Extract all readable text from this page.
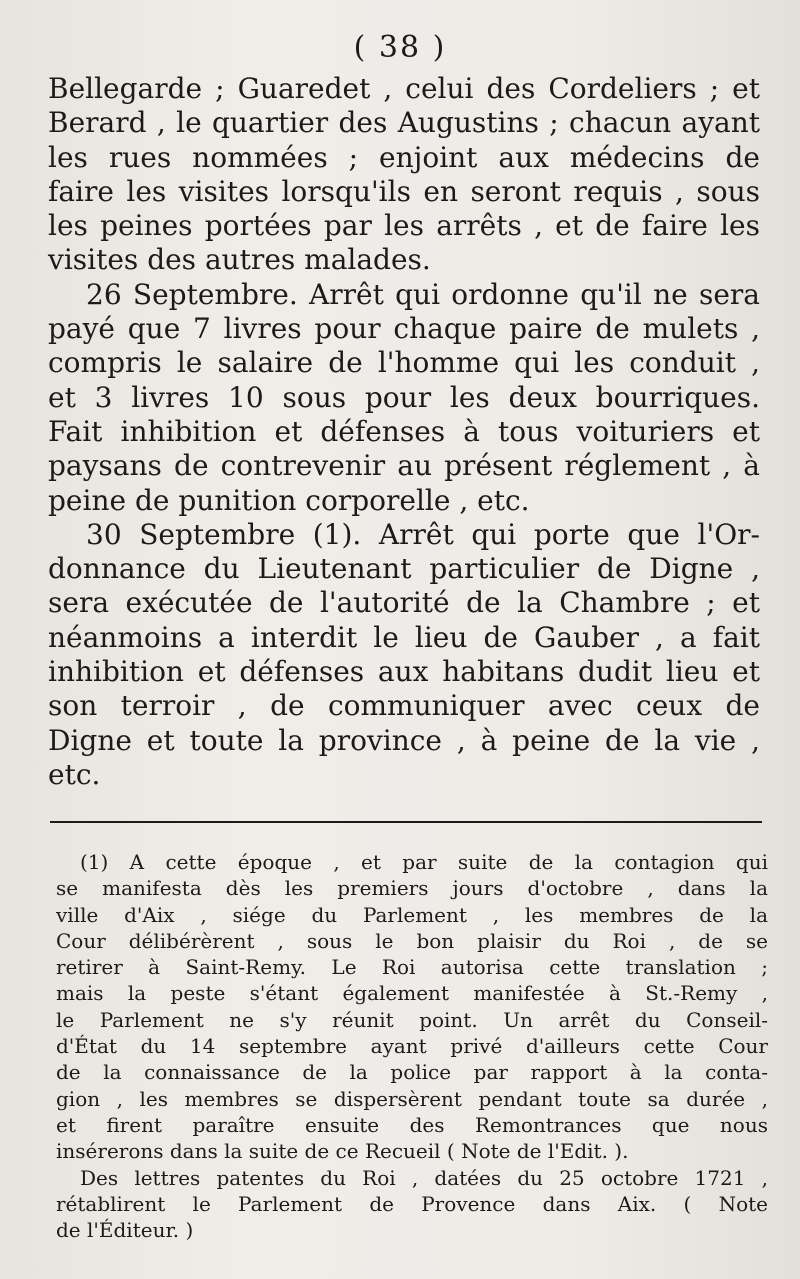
( 38 )
Bellegarde ; Guaredet , celui des Cordeliers ; et
Berard , le quartier des Augustins ; chacun ayant
les rues nommées ; enjoint aux médecins de
faire les visites lorsqu'ils en seront requis , sous
les peines portées par les arrêts , et de faire les
visites des autres malades.
26 Septembre. Arrêt qui ordonne qu'il ne sera
payé que 7 livres pour chaque paire de mulets ,
compris le salaire de l'homme qui les conduit ,
et 3 livres 10 sous pour les deux bourriques.
Fait inhibition et défenses à tous voituriers et
paysans de contrevenir au présent réglement , à
peine de punition corporelle , etc.
30 Septembre (1). Arrêt qui porte que l'Or-
donnance du Lieutenant particulier de Digne ,
sera exécutée de l'autorité de la Chambre ; et
néanmoins a interdit le lieu de Gauber , a fait
inhibition et défenses aux habitans dudit lieu et
son terroir , de communiquer avec ceux de
Digne et toute la province , à peine de la vie ,
etc.
(1) A cette époque , et par suite de la contagion qui
se manifesta dès les premiers jours d'octobre , dans la
ville d'Aix , siége du Parlement , les membres de la
Cour délibérèrent , sous le bon plaisir du Roi , de se
retirer à Saint-Remy. Le Roi autorisa cette translation ;
mais la peste s'étant également manifestée à St.-Remy ,
le Parlement ne s'y réunit point. Un arrêt du Conseil-
d'État du 14 septembre ayant privé d'ailleurs cette Cour
de la connaissance de la police par rapport à la conta-
gion , les membres se dispersèrent pendant toute sa durée ,
et firent paraître ensuite des Remontrances que nous
insérerons dans la suite de ce Recueil ( Note de l'Edit. ).
Des lettres patentes du Roi , datées du 25 octobre 1721 ,
rétablirent le Parlement de Provence dans Aix. ( Note
de l'Éditeur. )
